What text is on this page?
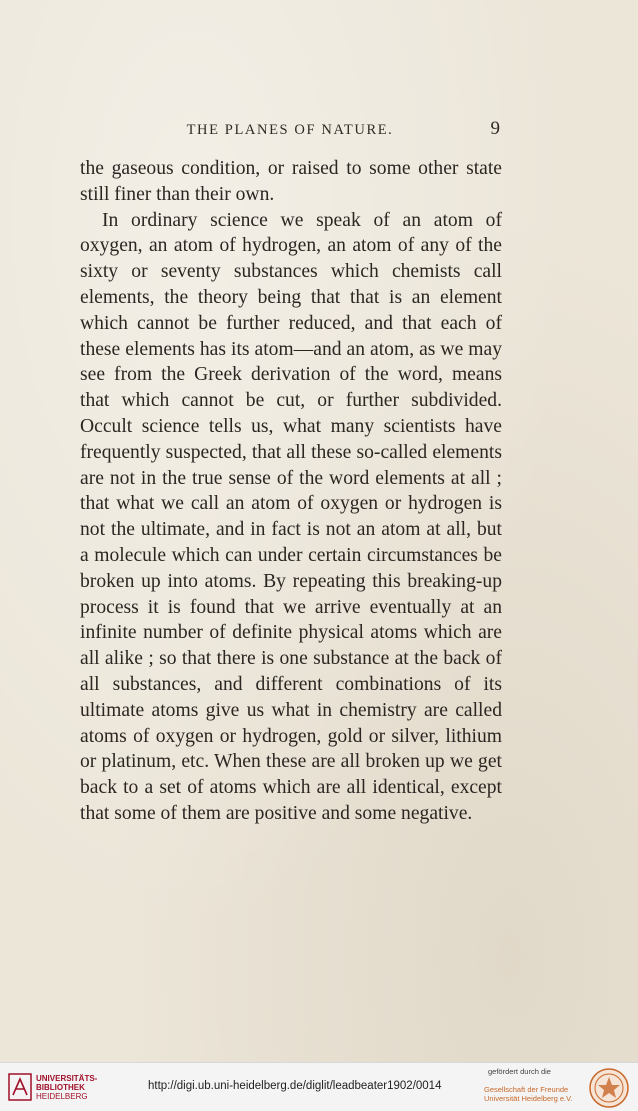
THE PLANES OF NATURE.	9

the gaseous condition, or raised to some other state still finer than their own.

In ordinary science we speak of an atom of oxygen, an atom of hydrogen, an atom of any of the sixty or seventy substances which chemists call elements, the theory being that that is an element which cannot be further reduced, and that each of these elements has its atom—and an atom, as we may see from the Greek derivation of the word, means that which cannot be cut, or further subdivided. Occult science tells us, what many scientists have frequently suspected, that all these so-called elements are not in the true sense of the word elements at all ; that what we call an atom of oxygen or hydrogen is not the ultimate, and in fact is not an atom at all, but a molecule which can under certain circumstances be broken up into atoms. By repeating this breaking-up process it is found that we arrive eventually at an infinite number of definite physical atoms which are all alike ; so that there is one substance at the back of all substances, and different combinations of its ultimate atoms give us what in chemistry are called atoms of oxygen or hydrogen, gold or silver, lithium or platinum, etc. When these are all broken up we get back to a set of atoms which are all identical, except that some of them are positive and some negative.

UNIVERSITÄTS-
BIBLIOTHEK
HEIDELBERG
http://digi.ub.uni-heidelberg.de/diglit/leadbeater1902/0014
gefördert durch die
Gesellschaft der Freunde
Universität Heidelberg e.V.
